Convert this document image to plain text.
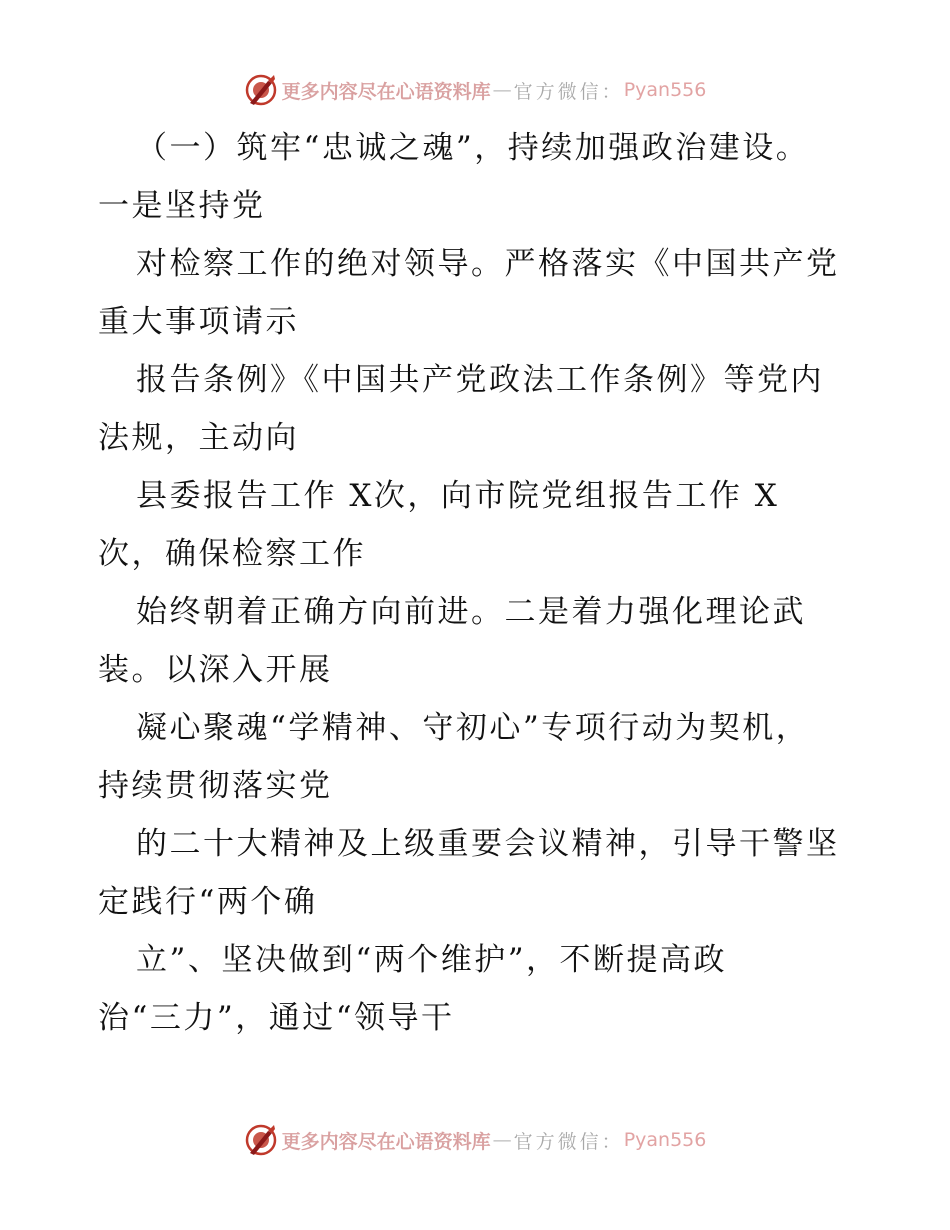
更多内容尽在心语资料库 — 官方微信： Pyan556
（一）筑牢“忠诚之魂”，持续加强政治建设。
一是坚持党
对检察工作的绝对领导。严格落实《中国共产党
重大事项请示
报告条例》《中国共产党政法工作条例》等党内
法规，主动向
县委报告工作 X次，向市院党组报告工作 X
次，确保检察工作
始终朝着正确方向前进。二是着力强化理论武
装。以深入开展
凝心聚魂“学精神、守初心”专项行动为契机，
持续贯彻落实党
的二十大精神及上级重要会议精神，引导干警坚
定践行“两个确
立”、坚决做到“两个维护”，不断提高政
治“三力”，通过“领导干
更多内容尽在心语资料库 — 官方微信： Pyan556
